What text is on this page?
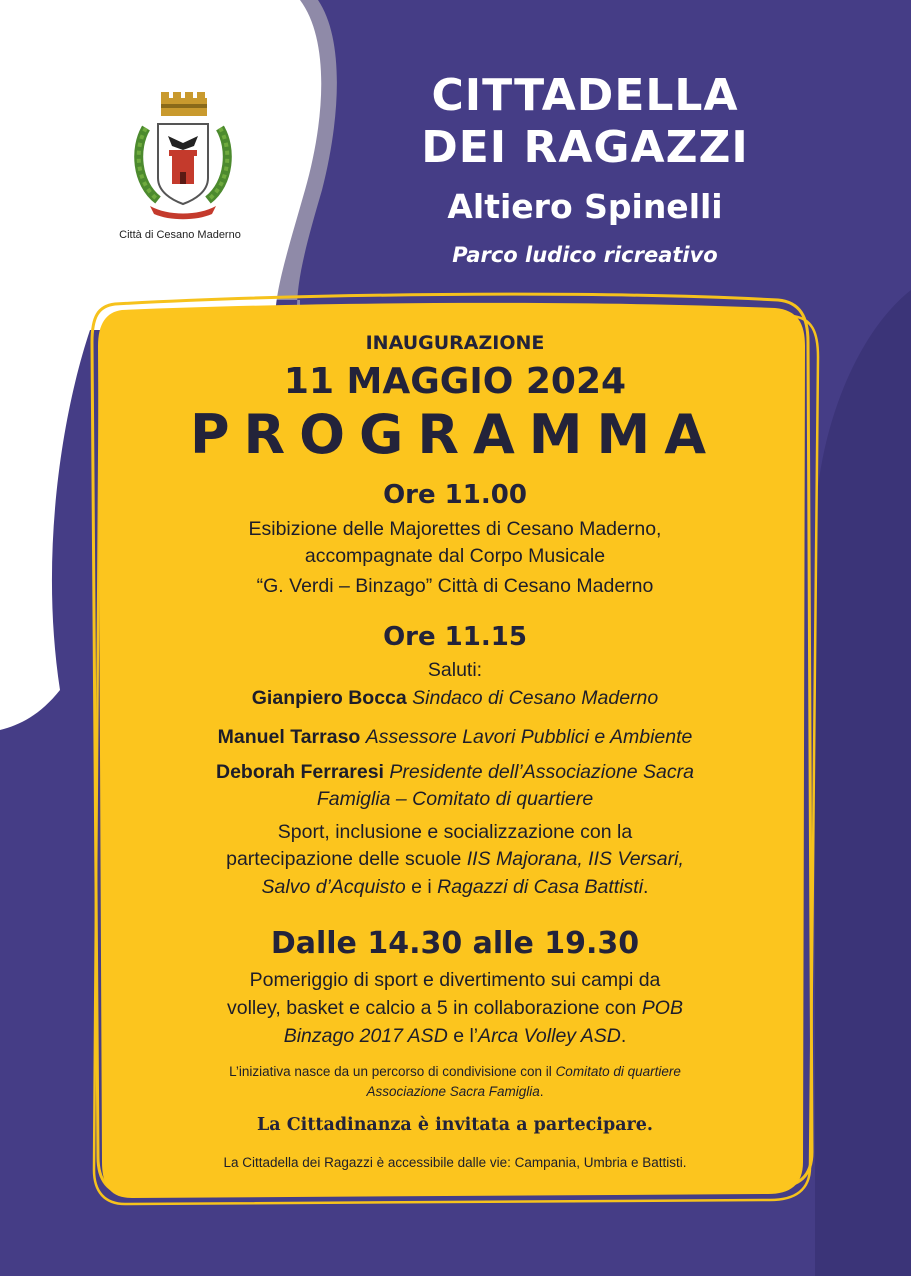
Città di Cesano Maderno
CITTADELLA
DEI RAGAZZI
Altiero Spinelli
Parco ludico ricreativo
INAUGURAZIONE
11 MAGGIO 2024
PROGRAMMA
Ore 11.00
Esibizione delle Majorettes di Cesano Maderno,
accompagnate dal Corpo Musicale
“G. Verdi – Binzago” Città di Cesano Maderno
Ore 11.15
Saluti:
Gianpiero Bocca Sindaco di Cesano Maderno
Manuel Tarraso Assessore Lavori Pubblici e Ambiente
Deborah Ferraresi Presidente dell’Associazione Sacra
Famiglia – Comitato di quartiere
Sport, inclusione e socializzazione con la
partecipazione delle scuole IIS Majorana, IIS Versari,
Salvo d’Acquisto e i Ragazzi di Casa Battisti.
Dalle 14.30 alle 19.30
Pomeriggio di sport e divertimento sui campi da
volley, basket e calcio a 5 in collaborazione con POB
Binzago 2017 ASD e l’Arca Volley ASD.
L’iniziativa nasce da un percorso di condivisione con il Comitato di quartiere
Associazione Sacra Famiglia.
La Cittadinanza è invitata a partecipare.
La Cittadella dei Ragazzi è accessibile dalle vie: Campania, Umbria e Battisti.
